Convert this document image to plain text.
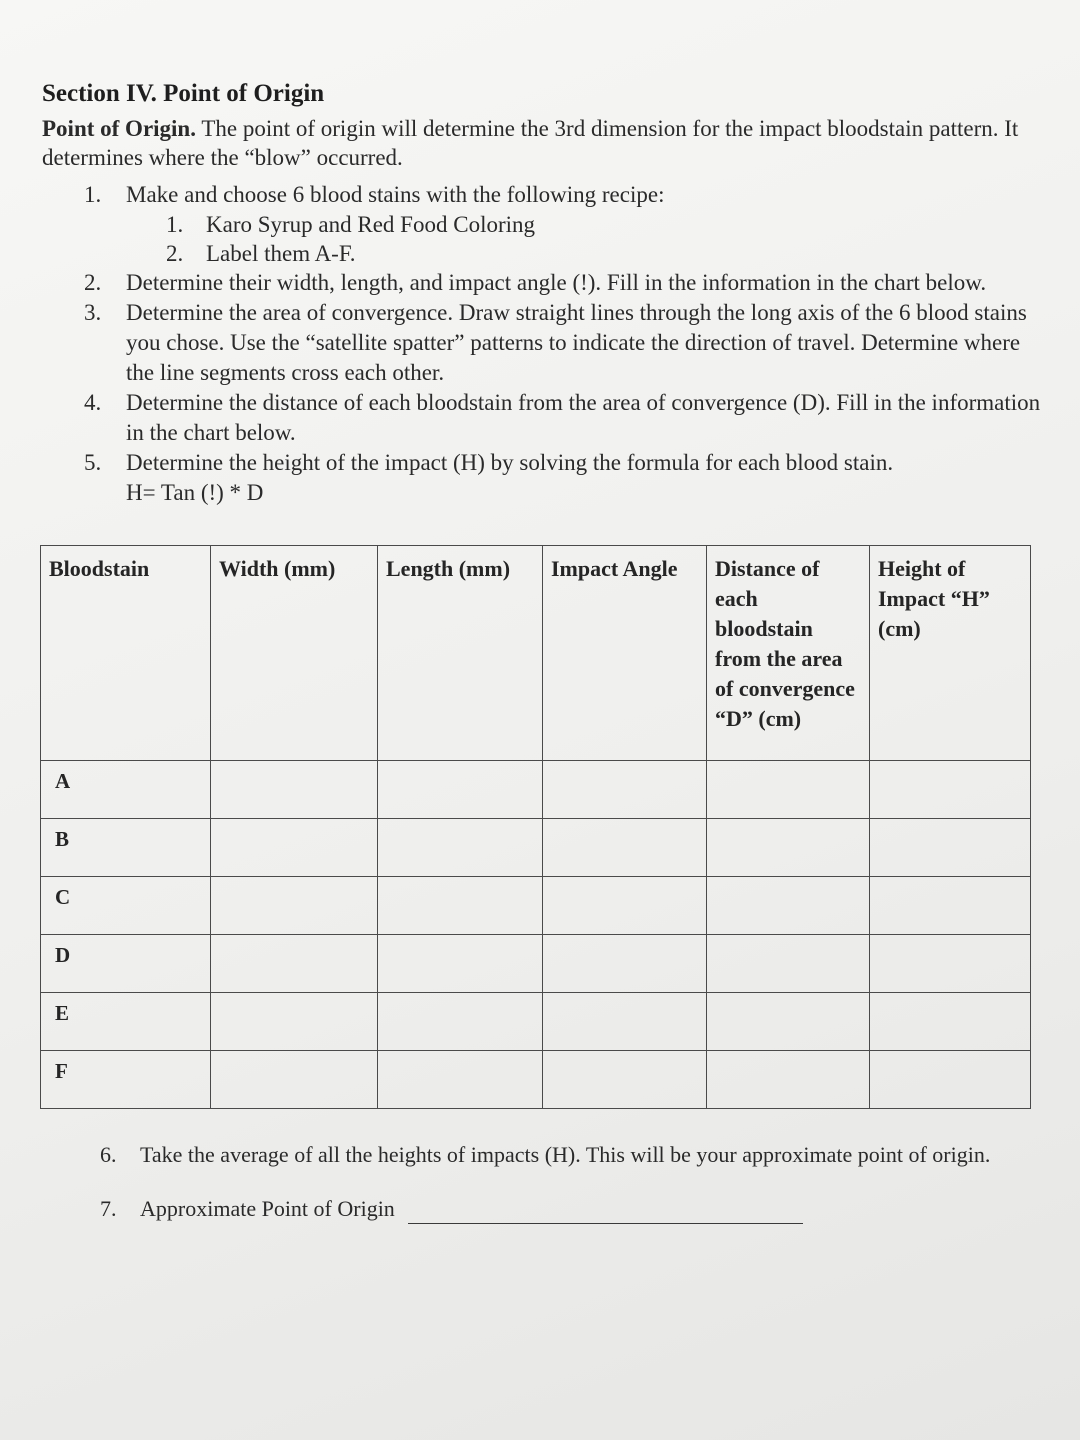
Section IV. Point of Origin

Point of Origin. The point of origin will determine the 3rd dimension for the impact bloodstain pattern. It determines where the “blow” occurred.

1. Make and choose 6 blood stains with the following recipe:
1. Karo Syrup and Red Food Coloring
2. Label them A-F.
2. Determine their width, length, and impact angle (!). Fill in the information in the chart below.
3. Determine the area of convergence. Draw straight lines through the long axis of the 6 blood stains you chose. Use the “satellite spatter” patterns to indicate the direction of travel. Determine where the line segments cross each other.
4. Determine the distance of each bloodstain from the area of convergence (D). Fill in the information in the chart below.
5. Determine the height of the impact (H) by solving the formula for each blood stain.
H= Tan (!) * D
Bloodstain	Width (mm)	Length (mm)	Impact Angle	Distance of each bloodstain from the area of convergence “D” (cm)	Height of Impact “H” (cm)
A					
B					
C					
D					
E					
F					
6. Take the average of all the heights of impacts (H). This will be your approximate point of origin.
7. Approximate Point of Origin
